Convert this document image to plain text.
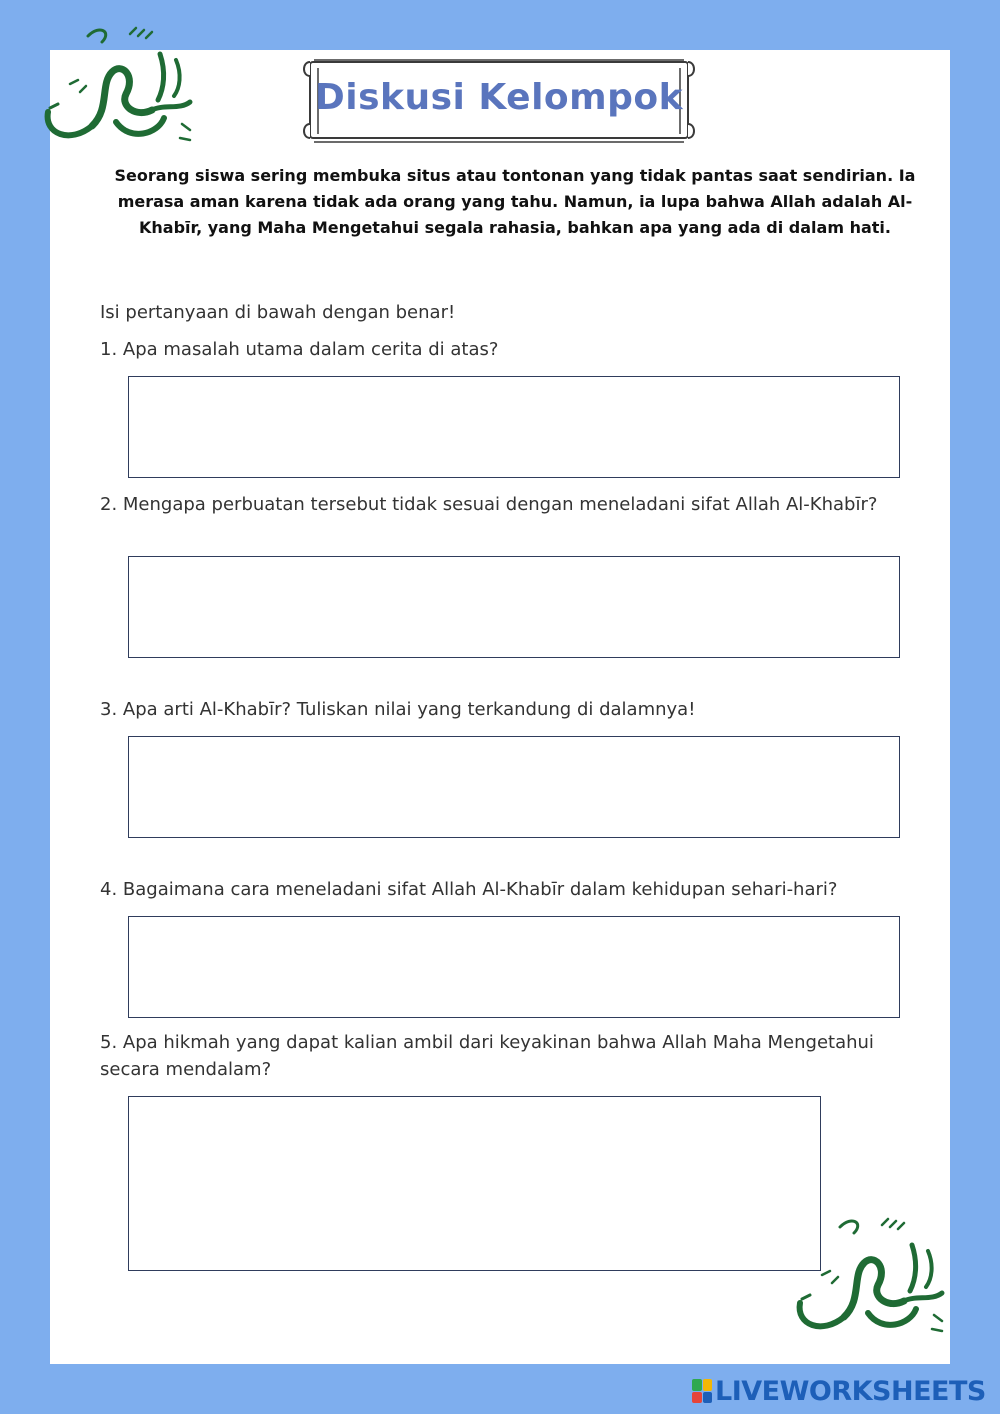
Diskusi Kelompok
Seorang siswa sering membuka situs atau tontonan yang tidak pantas saat sendirian. Ia merasa aman karena tidak ada orang yang tahu. Namun, ia lupa bahwa Allah adalah Al-Khabīr, yang Maha Mengetahui segala rahasia, bahkan apa yang ada di dalam hati.
Isi pertanyaan di bawah dengan benar!
1. Apa masalah utama dalam cerita di atas?
2. Mengapa perbuatan tersebut tidak sesuai dengan meneladani sifat Allah Al-Khabīr?
3. Apa arti Al-Khabīr? Tuliskan nilai yang terkandung di dalamnya!
4. Bagaimana cara meneladani sifat Allah Al-Khabīr dalam kehidupan sehari-hari?
5. Apa hikmah yang dapat kalian ambil dari keyakinan bahwa Allah Maha Mengetahui secara mendalam?
LIVEWORKSHEETS
